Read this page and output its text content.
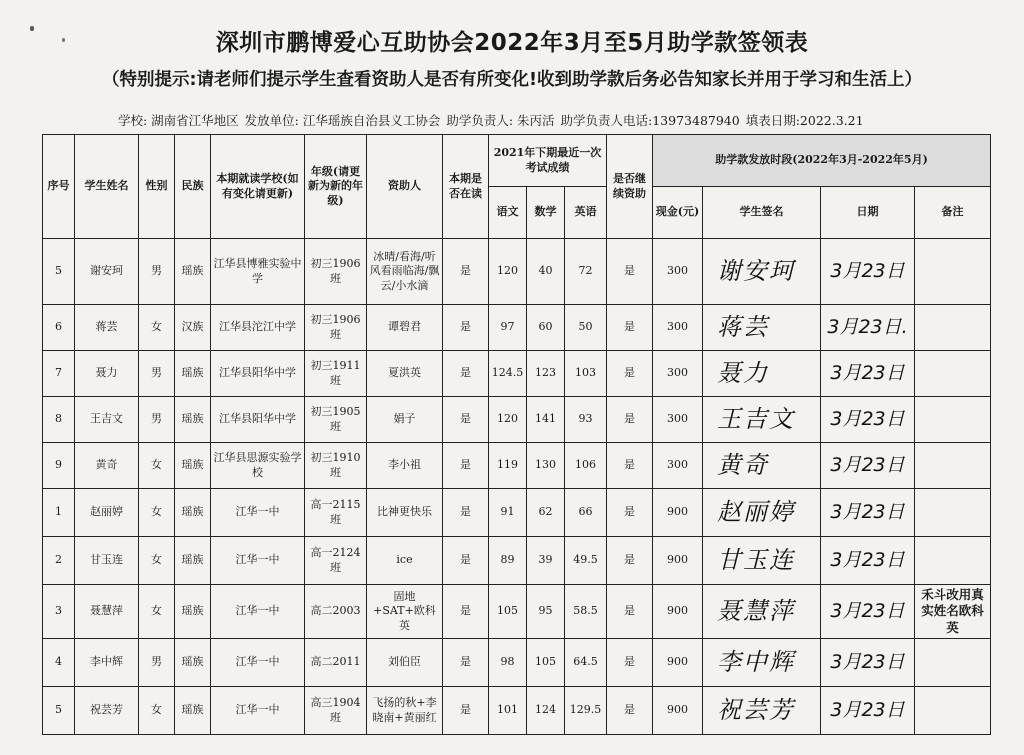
深圳市鹏博爱心互助协会2022年3月至5月助学款签领表
（特别提示:请老师们提示学生查看资助人是否有所变化!收到助学款后务必告知家长并用于学习和生活上）
学校: 湖南省江华地区 发放单位: 江华瑶族自治县义工协会 助学负责人: 朱丙活 助学负责人电话:13973487940 填表日期:2022.3.21
序号	学生姓名	性别	民族	本期就读学校(如有变化请更新)	年级(请更新为新的年级)	资助人	本期是否在读	2021年下期最近一次考试成绩			是否继续资助	助学款发放时段(2022年3月-2022年5月)			
								语文	数学	英语		现金(元)	学生签名	日期	备注
5	谢安珂	男	瑶族	江华县博雅实验中学	初三1906班	冰晴/看海/听风看雨临海/飘云/小水滴	是	120	40	72	是	300	谢安珂	3月23日	
6	蒋芸	女	汉族	江华县沱江中学	初三1906班	谭碧君	是	97	60	50	是	300	蒋芸	3月23日.	
7	聂力	男	瑶族	江华县阳华中学	初三1911班	夏洪英	是	124.5	123	103	是	300	聂力	3月23日	
8	王吉文	男	瑶族	江华县阳华中学	初三1905班	娟子	是	120	141	93	是	300	王吉文	3月23日	
9	黄奇	女	瑶族	江华县思源实验学校	初三1910班	李小祖	是	119	130	106	是	300	黄奇	3月23日	
1	赵丽婷	女	瑶族	江华一中	高一2115班	比神更快乐	是	91	62	66	是	900	赵丽婷	3月23日	
2	甘玉连	女	瑶族	江华一中	高一2124班	ice	是	89	39	49.5	是	900	甘玉连	3月23日	
3	聂慧萍	女	瑶族	江华一中	高二2003	固地+SAT+欧科英	是	105	95	58.5	是	900	聂慧萍	3月23日	禾斗改用真实姓名欧科英
4	李中辉	男	瑶族	江华一中	高二2011	刘伯臣	是	98	105	64.5	是	900	李中辉	3月23日	
5	祝芸芳	女	瑶族	江华一中	高三1904班	飞扬的秋+李晓南+黄丽红	是	101	124	129.5	是	900	祝芸芳	3月23日	
